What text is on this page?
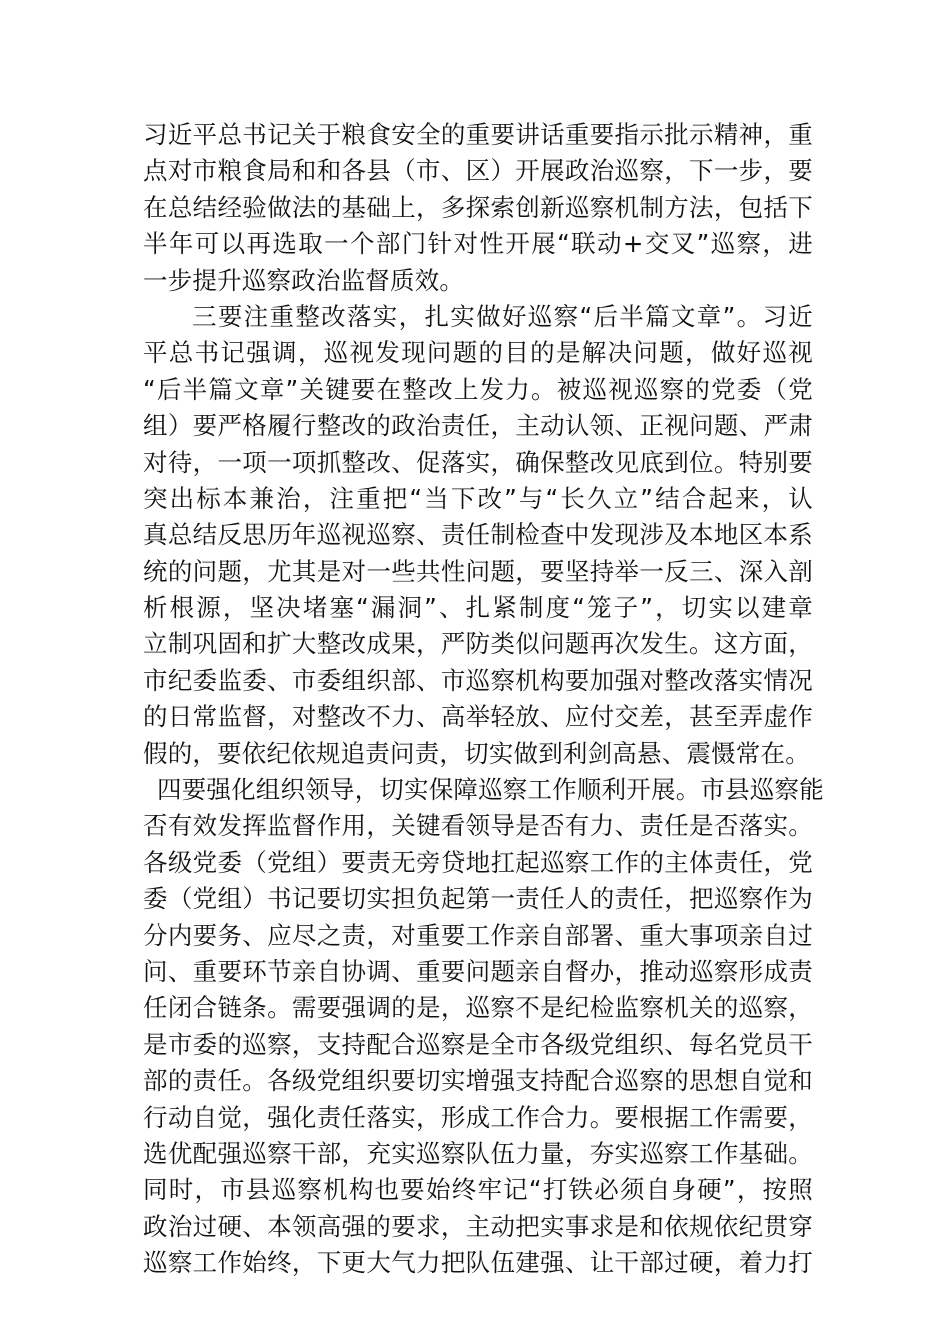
习近平总书记关于粮食安全的重要讲话重要指示批示精神，重
点对市粮食局和和各县（市、区）开展政治巡察，下一步，要
在总结经验做法的基础上，多探索创新巡察机制方法，包括下
半年可以再选取一个部门针对性开展“联动+交叉”巡察，进
一步提升巡察政治监督质效。
三要注重整改落实，扎实做好巡察“后半篇文章”。习近
平总书记强调，巡视发现问题的目的是解决问题，做好巡视
“后半篇文章”关键要在整改上发力。被巡视巡察的党委（党
组）要严格履行整改的政治责任，主动认领、正视问题、严肃
对待，一项一项抓整改、促落实，确保整改见底到位。特别要
突出标本兼治，注重把“当下改”与“长久立”结合起来，认
真总结反思历年巡视巡察、责任制检查中发现涉及本地区本系
统的问题，尤其是对一些共性问题，要坚持举一反三、深入剖
析根源，坚决堵塞“漏洞”、扎紧制度“笼子”，切实以建章
立制巩固和扩大整改成果，严防类似问题再次发生。这方面，
市纪委监委、市委组织部、市巡察机构要加强对整改落实情况
的日常监督，对整改不力、高举轻放、应付交差，甚至弄虚作
假的，要依纪依规追责问责，切实做到利剑高悬、震慑常在。
四要强化组织领导，切实保障巡察工作顺利开展。市县巡察能
否有效发挥监督作用，关键看领导是否有力、责任是否落实。
各级党委（党组）要责无旁贷地扛起巡察工作的主体责任，党
委（党组）书记要切实担负起第一责任人的责任，把巡察作为
分内要务、应尽之责，对重要工作亲自部署、重大事项亲自过
问、重要环节亲自协调、重要问题亲自督办，推动巡察形成责
任闭合链条。需要强调的是，巡察不是纪检监察机关的巡察，
是市委的巡察，支持配合巡察是全市各级党组织、每名党员干
部的责任。各级党组织要切实增强支持配合巡察的思想自觉和
行动自觉，强化责任落实，形成工作合力。要根据工作需要，
选优配强巡察干部，充实巡察队伍力量，夯实巡察工作基础。
同时，市县巡察机构也要始终牢记“打铁必须自身硬”，按照
政治过硬、本领高强的要求，主动把实事求是和依规依纪贯穿
巡察工作始终，下更大气力把队伍建强、让干部过硬，着力打
